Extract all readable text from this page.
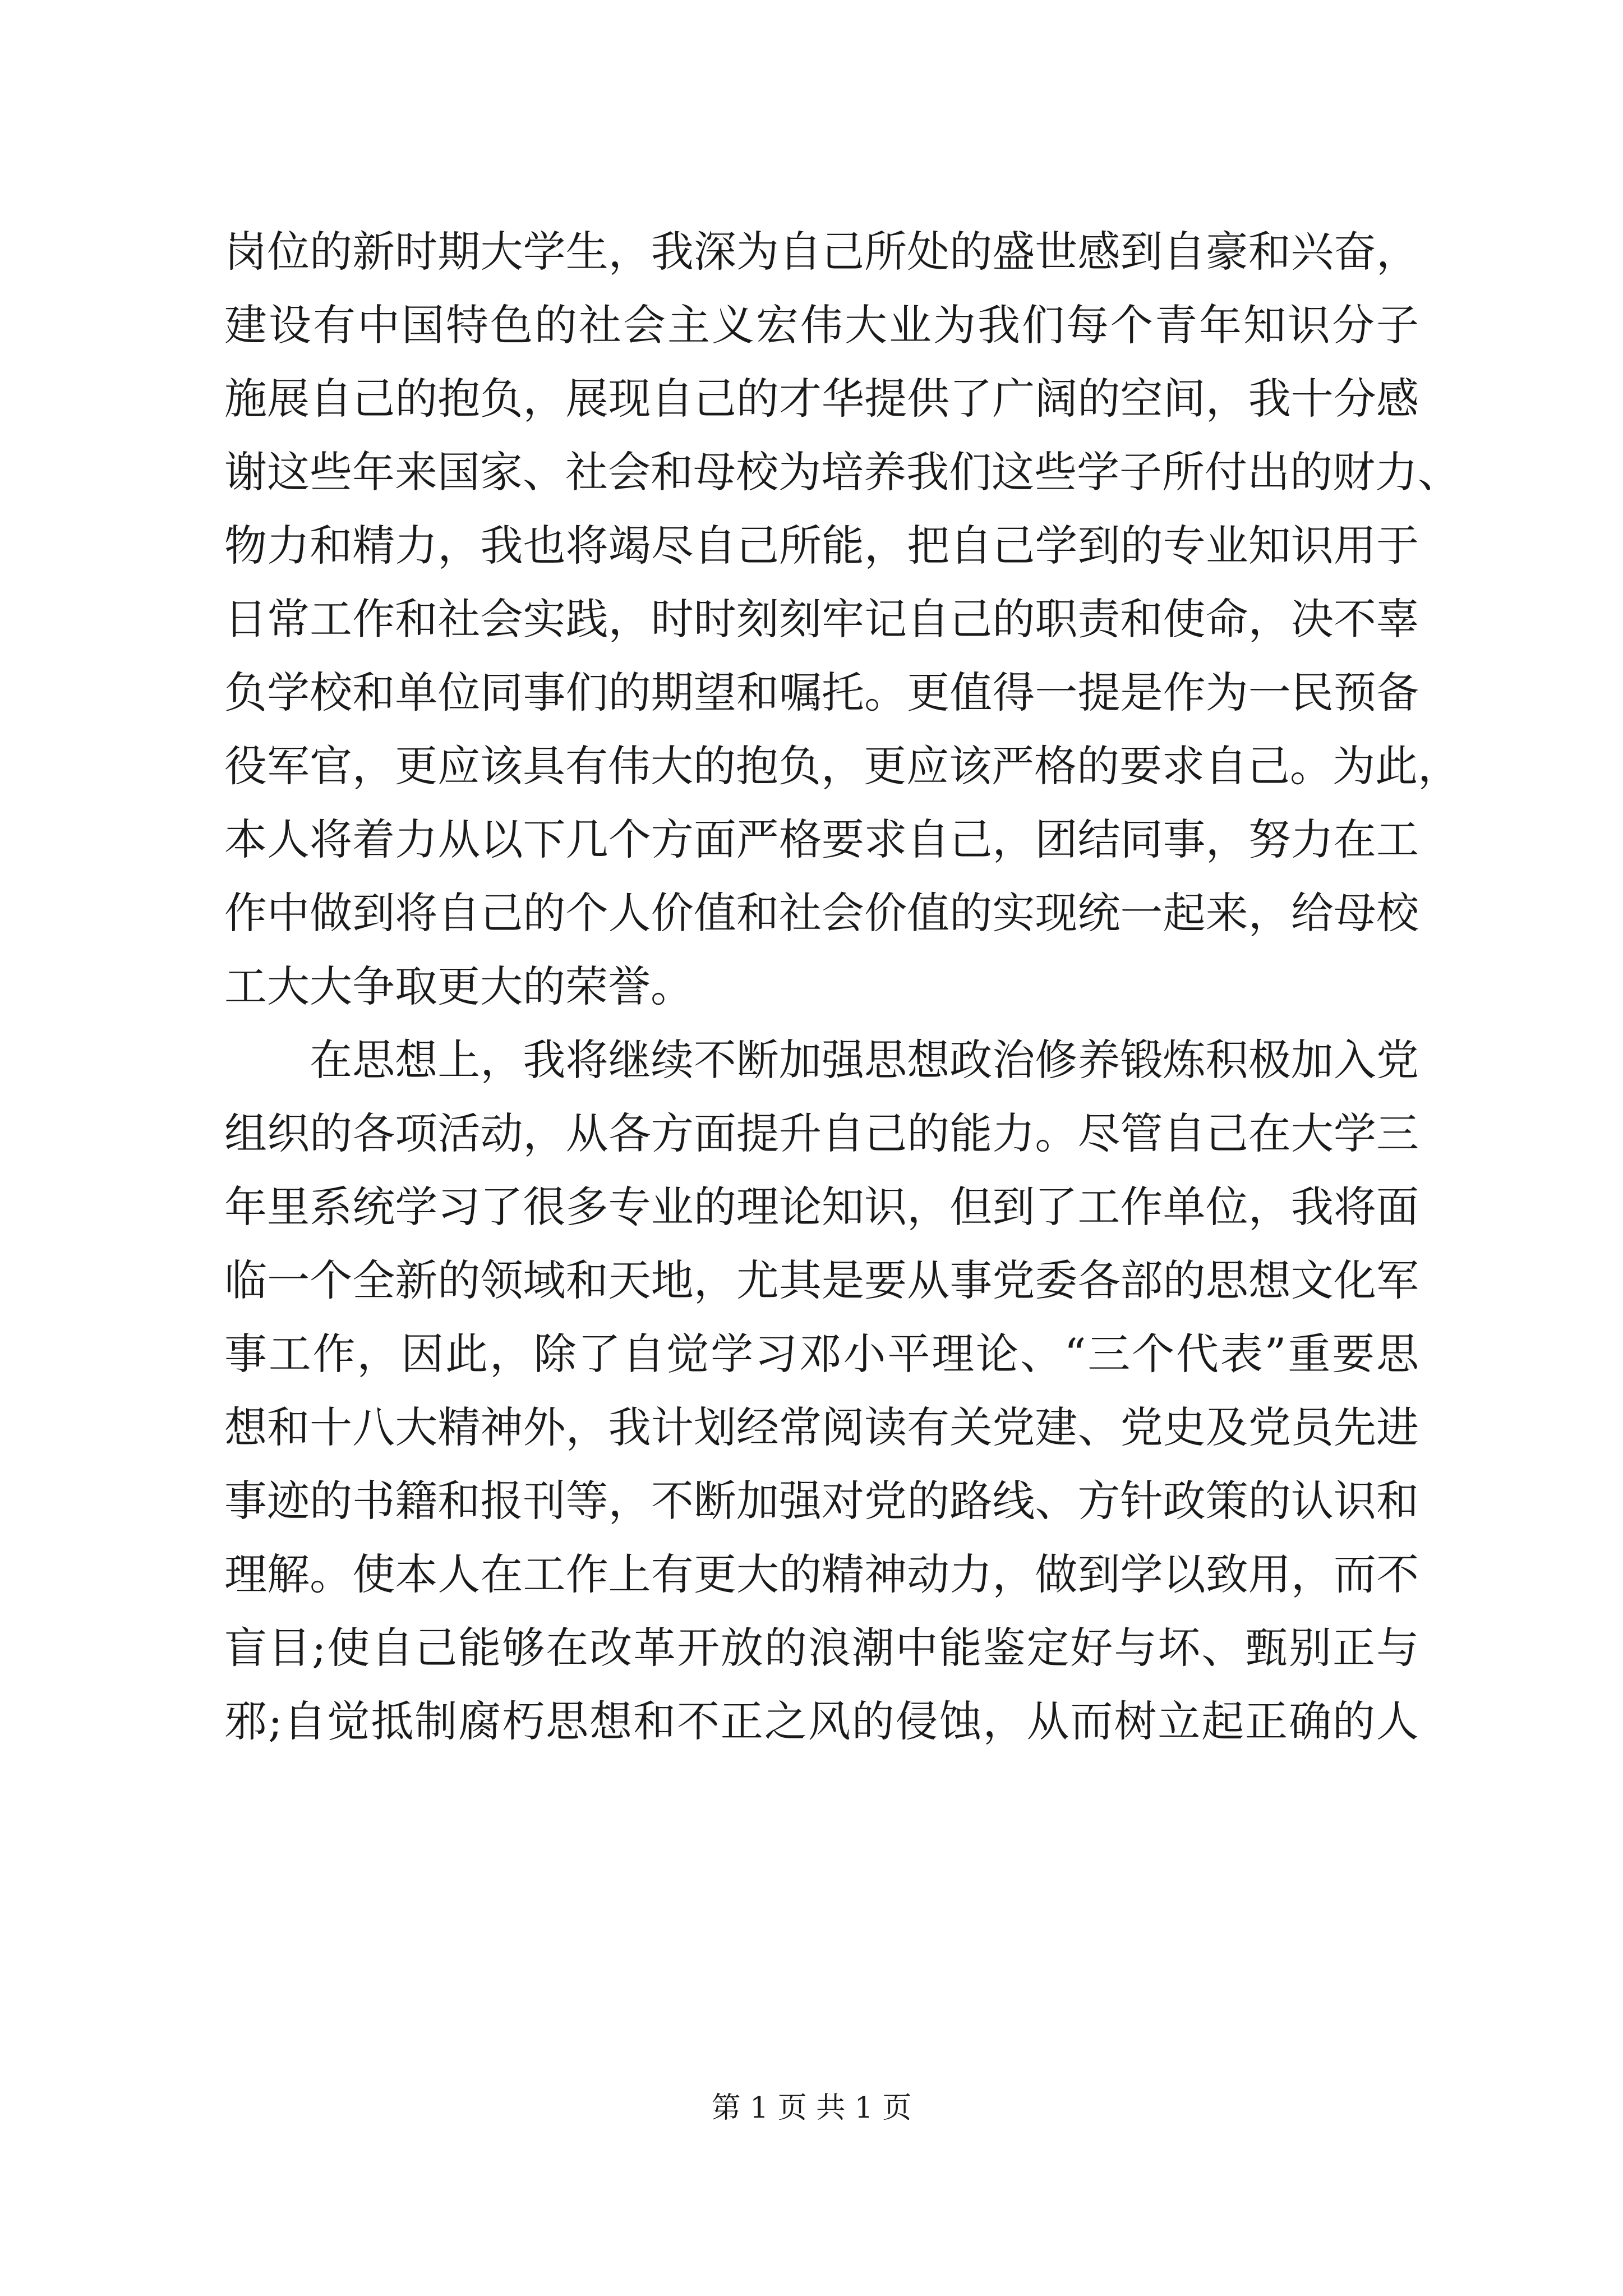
岗位的新时期大学生，我深为自己所处的盛世感到自豪和兴奋，
建设有中国特色的社会主义宏伟大业为我们每个青年知识分子
施展自己的抱负，展现自己的才华提供了广阔的空间，我十分感
谢这些年来国家、社会和母校为培养我们这些学子所付出的财力、
物力和精力，我也将竭尽自己所能，把自己学到的专业知识用于
日常工作和社会实践，时时刻刻牢记自己的职责和使命，决不辜
负学校和单位同事们的期望和嘱托。更值得一提是作为一民预备
役军官，更应该具有伟大的抱负，更应该严格的要求自己。为此，
本人将着力从以下几个方面严格要求自己，团结同事，努力在工
作中做到将自己的个人价值和社会价值的实现统一起来，给母校
工大大争取更大的荣誉。
在思想上，我将继续不断加强思想政治修养锻炼积极加入党
组织的各项活动，从各方面提升自己的能力。尽管自己在大学三
年里系统学习了很多专业的理论知识，但到了工作单位，我将面
临一个全新的领域和天地，尤其是要从事党委各部的思想文化军
事工作，因此，除了自觉学习邓小平理论、“三个代表”重要思
想和十八大精神外，我计划经常阅读有关党建、党史及党员先进
事迹的书籍和报刊等，不断加强对党的路线、方针政策的认识和
理解。使本人在工作上有更大的精神动力，做到学以致用，而不
盲目;使自己能够在改革开放的浪潮中能鉴定好与坏、甄别正与
邪;自觉抵制腐朽思想和不正之风的侵蚀，从而树立起正确的人
第 1 页 共 1 页
